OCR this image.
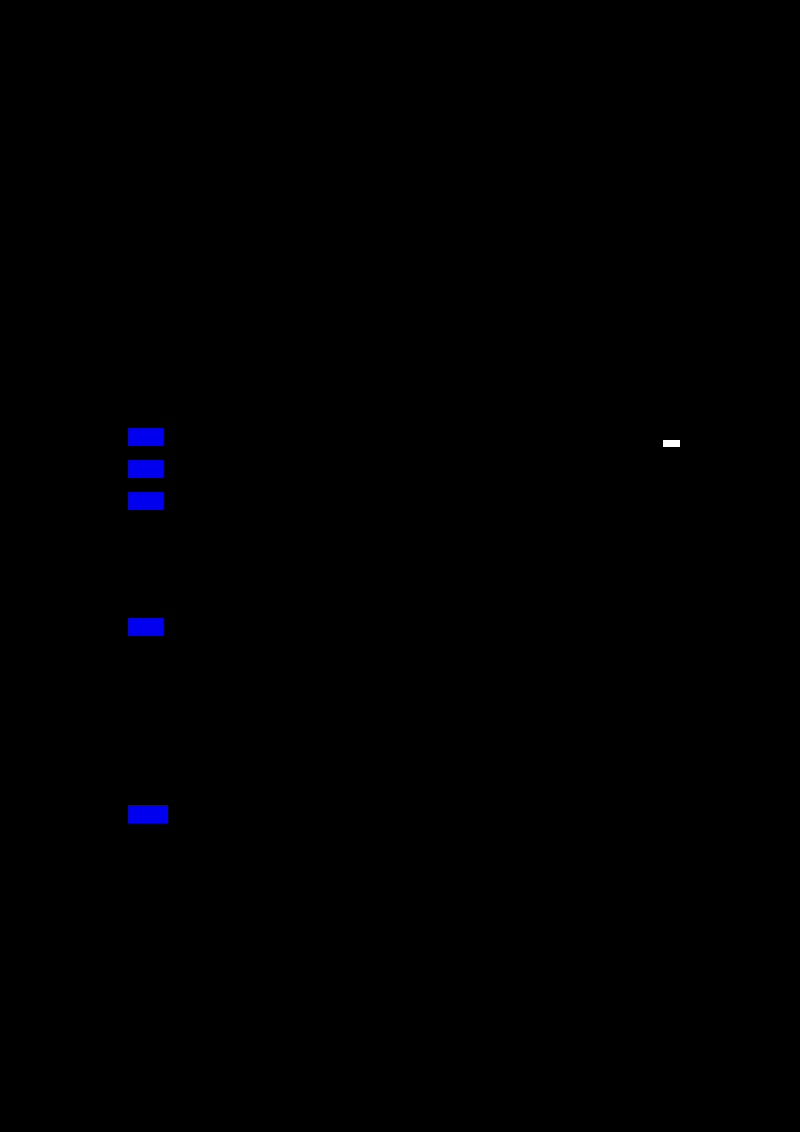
[Ref]
[Ref]
[Ref]
[Ref]
Label
